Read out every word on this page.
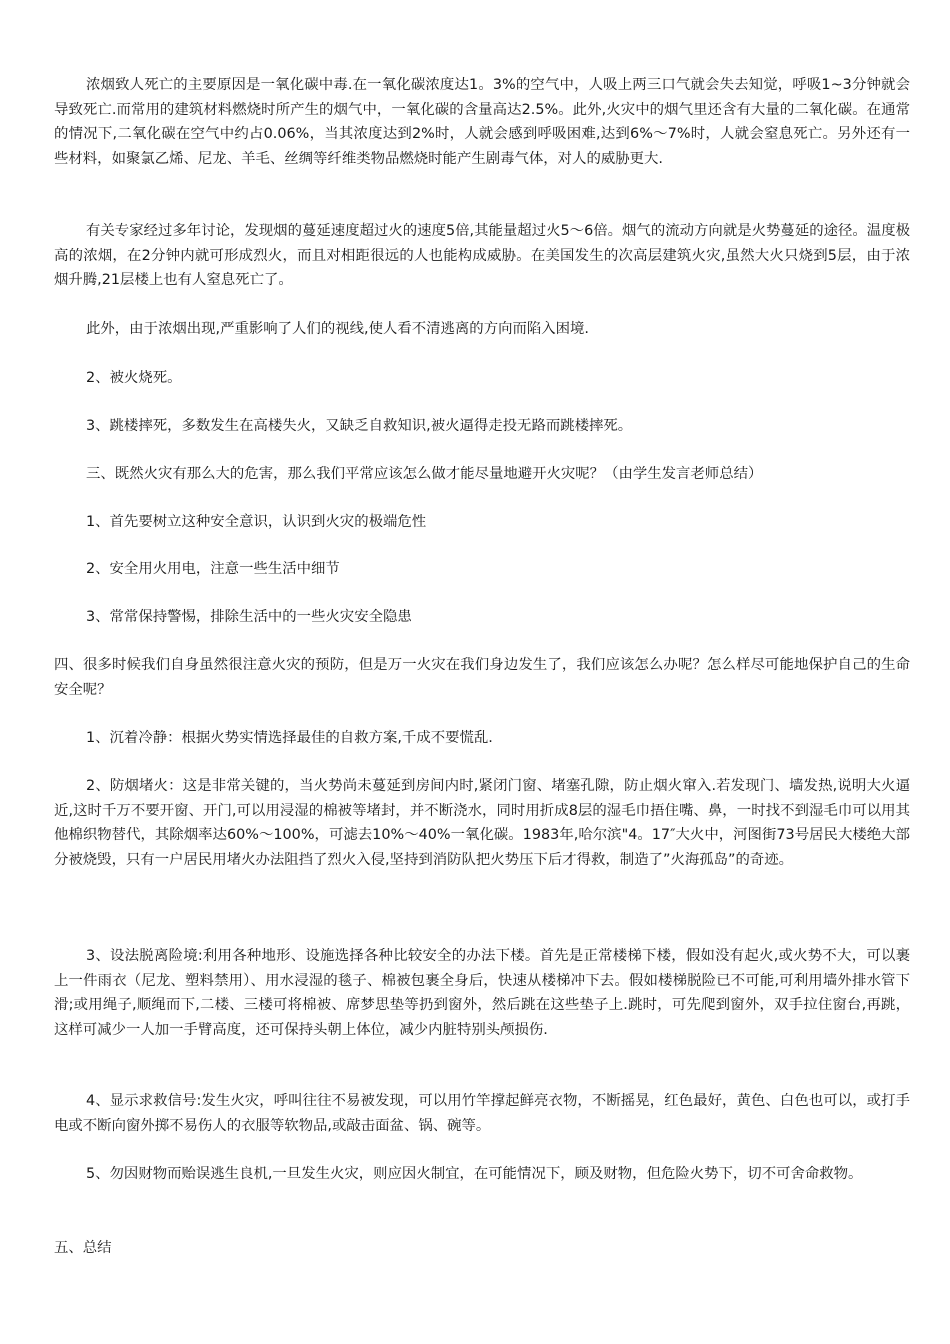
浓烟致人死亡的主要原因是一氧化碳中毒.在一氧化碳浓度达1。3%的空气中，人吸上两三口气就会失去知觉，呼吸1~3分钟就会导致死亡.而常用的建筑材料燃烧时所产生的烟气中，一氧化碳的含量高达2.5%。此外,火灾中的烟气里还含有大量的二氧化碳。在通常的情况下,二氧化碳在空气中约占0.06%，当其浓度达到2%时，人就会感到呼吸困难,达到6%～7%时，人就会窒息死亡。另外还有一些材料，如聚氯乙烯、尼龙、羊毛、丝绸等纤维类物品燃烧时能产生剧毒气体，对人的威胁更大.

有关专家经过多年讨论，发现烟的蔓延速度超过火的速度5倍,其能量超过火5～6倍。烟气的流动方向就是火势蔓延的途径。温度极高的浓烟，在2分钟内就可形成烈火，而且对相距很远的人也能构成威胁。在美国发生的次高层建筑火灾,虽然大火只烧到5层，由于浓烟升腾,21层楼上也有人窒息死亡了。

此外，由于浓烟出现,严重影响了人们的视线,使人看不清逃离的方向而陷入困境.

2、被火烧死。

3、跳楼摔死，多数发生在高楼失火，又缺乏自救知识,被火逼得走投无路而跳楼摔死。

三、既然火灾有那么大的危害，那么我们平常应该怎么做才能尽量地避开火灾呢？（由学生发言老师总结）

1、首先要树立这种安全意识，认识到火灾的极端危性

2、安全用火用电，注意一些生活中细节

3、常常保持警惕，排除生活中的一些火灾安全隐患

四、很多时候我们自身虽然很注意火灾的预防，但是万一火灾在我们身边发生了，我们应该怎么办呢？怎么样尽可能地保护自己的生命安全呢？

1、沉着冷静：根据火势实情选择最佳的自救方案,千成不要慌乱.

2、防烟堵火：这是非常关键的，当火势尚未蔓延到房间内时,紧闭门窗、堵塞孔隙，防止烟火窜入.若发现门、墙发热,说明大火逼近,这时千万不要开窗、开门,可以用浸湿的棉被等堵封，并不断浇水，同时用折成8层的湿毛巾捂住嘴、鼻，一时找不到湿毛巾可以用其他棉织物替代，其除烟率达60%～100%，可滤去10%～40%一氧化碳。1983年,哈尔滨"4。17″大火中，河图街73号居民大楼绝大部分被烧毁，只有一户居民用堵火办法阻挡了烈火入侵,坚持到消防队把火势压下后才得救，制造了”火海孤岛”的奇迹。

3、设法脱离险境:利用各种地形、设施选择各种比较安全的办法下楼。首先是正常楼梯下楼，假如没有起火,或火势不大，可以裹上一件雨衣（尼龙、塑料禁用）、用水浸湿的毯子、棉被包裹全身后，快速从楼梯冲下去。假如楼梯脱险已不可能,可利用墙外排水管下滑;或用绳子,顺绳而下,二楼、三楼可将棉被、席梦思垫等扔到窗外，然后跳在这些垫子上.跳时，可先爬到窗外，双手拉住窗台,再跳，这样可减少一人加一手臂高度，还可保持头朝上体位，减少内脏特别头颅损伤.

4、显示求救信号:发生火灾，呼叫往往不易被发现，可以用竹竿撑起鲜亮衣物，不断摇晃，红色最好，黄色、白色也可以，或打手电或不断向窗外掷不易伤人的衣服等软物品,或敲击面盆、锅、碗等。

5、勿因财物而贻误逃生良机,一旦发生火灾，则应因火制宜，在可能情况下，顾及财物，但危险火势下，切不可舍命救物。

五、总结
